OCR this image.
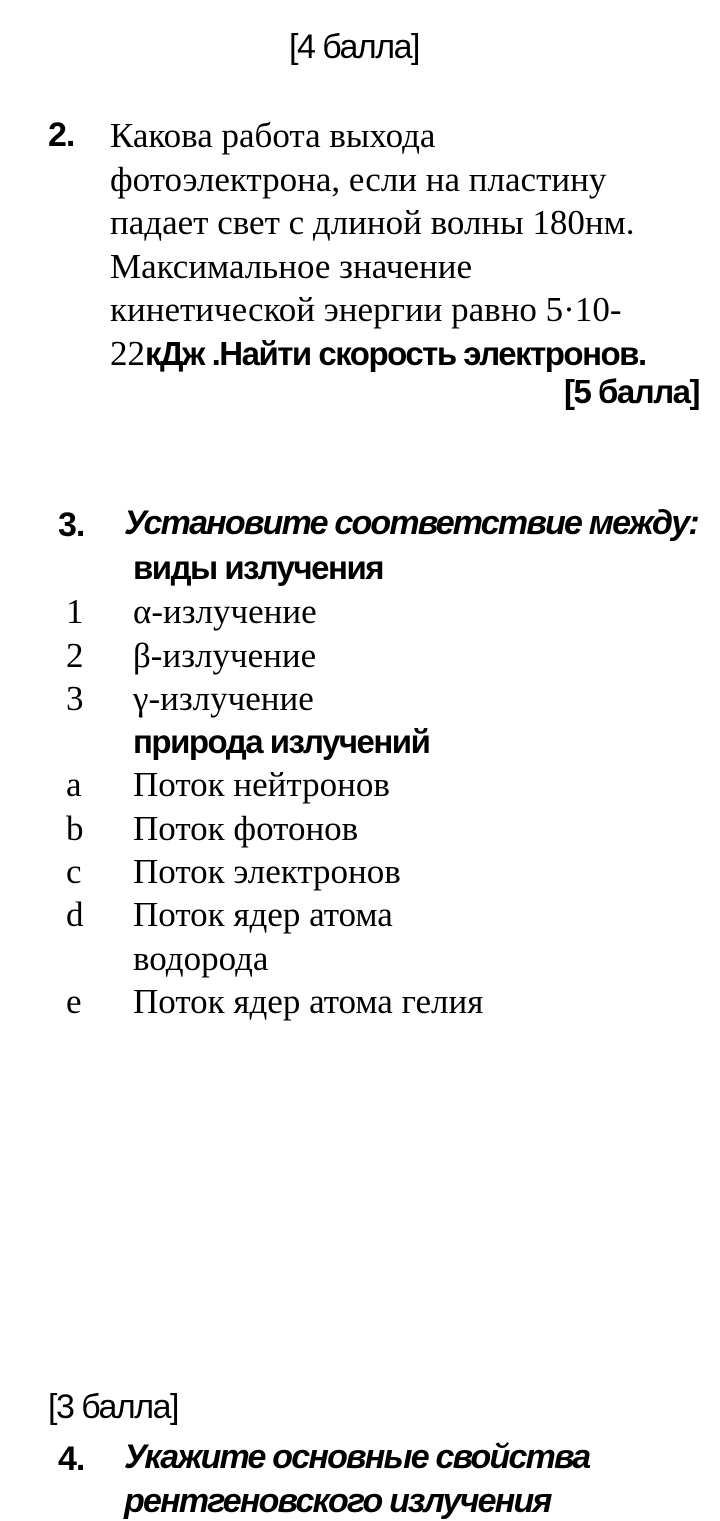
[4 балла]
2. Какова работа выхода фотоэлектрона, если на пластину падает свет с длиной волны 180нм. Максимальное значение кинетической энергии равно 5·10-22кДж .Найти скорость электронов.
[5 балла]
3. Установите соответствие между:
виды излучения
1 α-излучение
2 β-излучение
3 γ-излучение
природа излучений
a Поток нейтронов
b Поток фотонов
c Поток электронов
d Поток ядер атома
водорода
e Поток ядер атома гелия
[3 балла]
4. Укажите основные свойства
рентгеновского излучения
